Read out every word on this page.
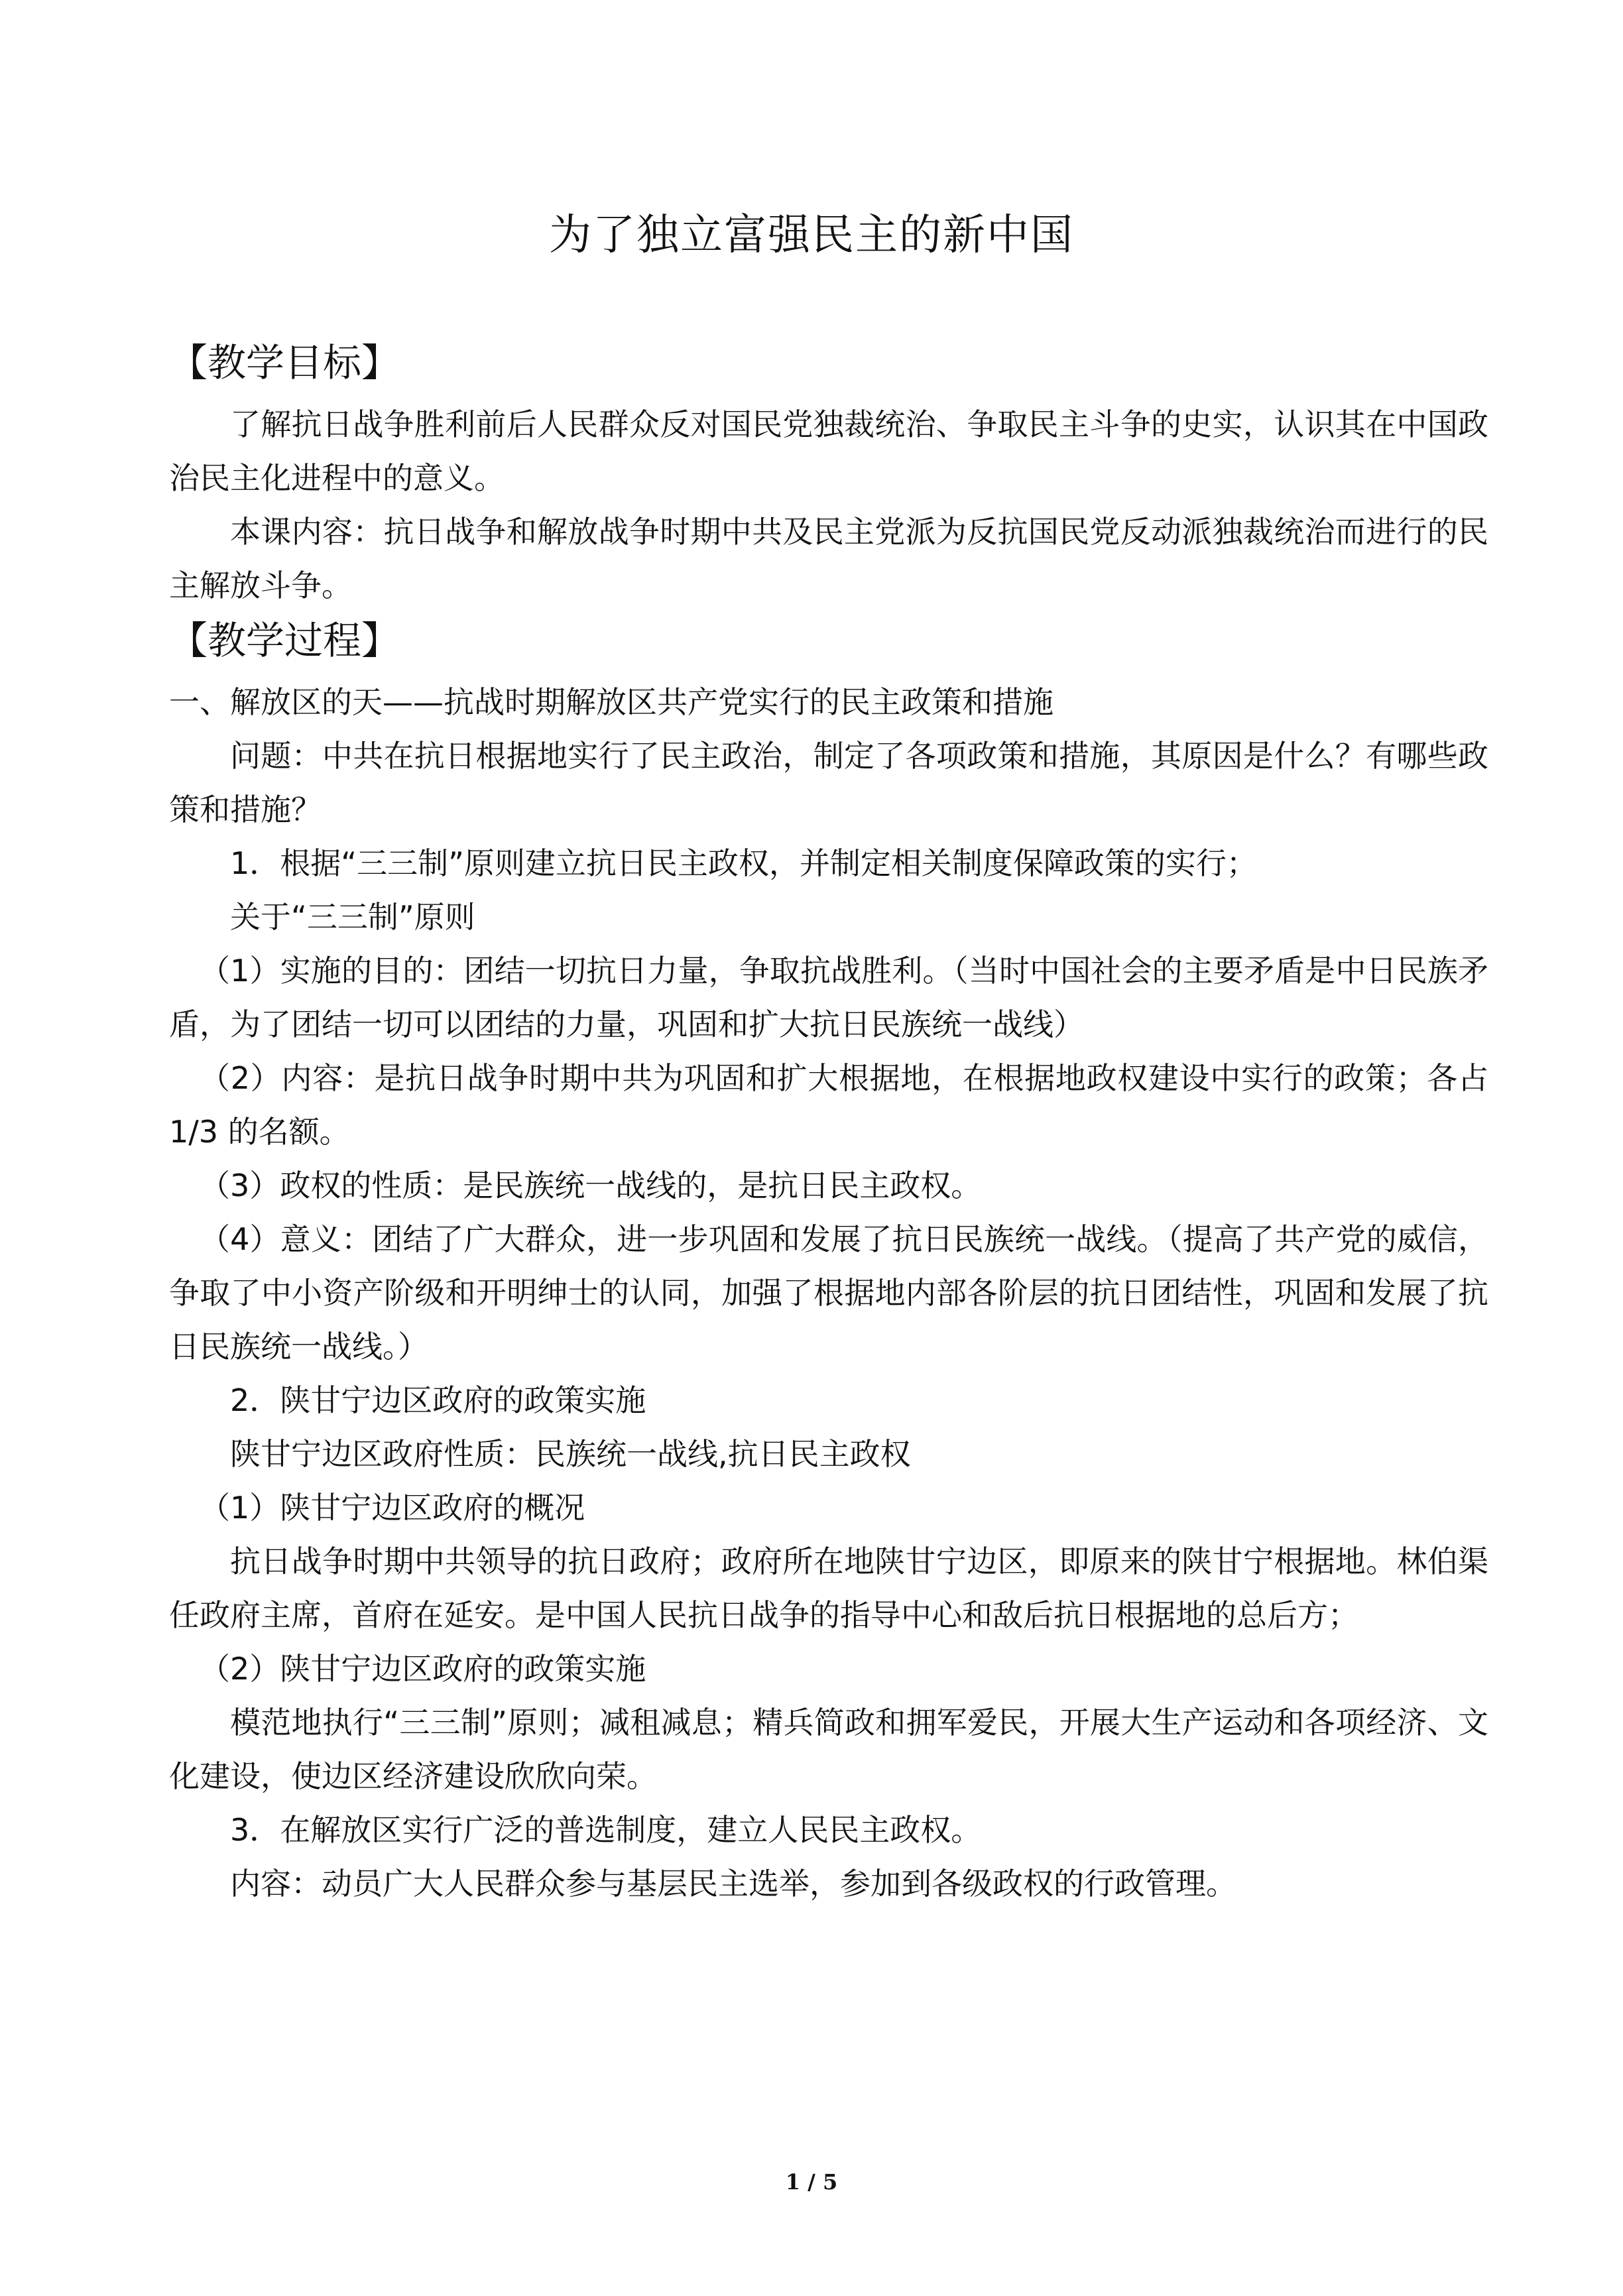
为了独立富强民主的新中国
【教学目标】

了解抗日战争胜利前后人民群众反对国民党独裁统治、争取民主斗争的史实，认识其在中国政治民主化进程中的意义。

本课内容：抗日战争和解放战争时期中共及民主党派为反抗国民党反动派独裁统治而进行的民主解放斗争。

【教学过程】

一、解放区的天——抗战时期解放区共产党实行的民主政策和措施

问题：中共在抗日根据地实行了民主政治，制定了各项政策和措施，其原因是什么？有哪些政策和措施？

1．根据“三三制”原则建立抗日民主政权，并制定相关制度保障政策的实行；

关于“三三制”原则

（1）实施的目的：团结一切抗日力量，争取抗战胜利。（当时中国社会的主要矛盾是中日民族矛盾，为了团结一切可以团结的力量，巩固和扩大抗日民族统一战线）

（2）内容：是抗日战争时期中共为巩固和扩大根据地，在根据地政权建设中实行的政策；各占 1/3 的名额。

（3）政权的性质：是民族统一战线的，是抗日民主政权。

（4）意义：团结了广大群众，进一步巩固和发展了抗日民族统一战线。（提高了共产党的威信，争取了中小资产阶级和开明绅士的认同，加强了根据地内部各阶层的抗日团结性，巩固和发展了抗日民族统一战线。）

2．陕甘宁边区政府的政策实施

陕甘宁边区政府性质：民族统一战线,抗日民主政权

（1）陕甘宁边区政府的概况

抗日战争时期中共领导的抗日政府；政府所在地陕甘宁边区，即原来的陕甘宁根据地。林伯渠任政府主席，首府在延安。是中国人民抗日战争的指导中心和敌后抗日根据地的总后方；

（2）陕甘宁边区政府的政策实施

模范地执行“三三制”原则；减租减息；精兵简政和拥军爱民，开展大生产运动和各项经济、文化建设，使边区经济建设欣欣向荣。

3．在解放区实行广泛的普选制度，建立人民民主政权。

内容：动员广大人民群众参与基层民主选举，参加到各级政权的行政管理。

1 / 5
